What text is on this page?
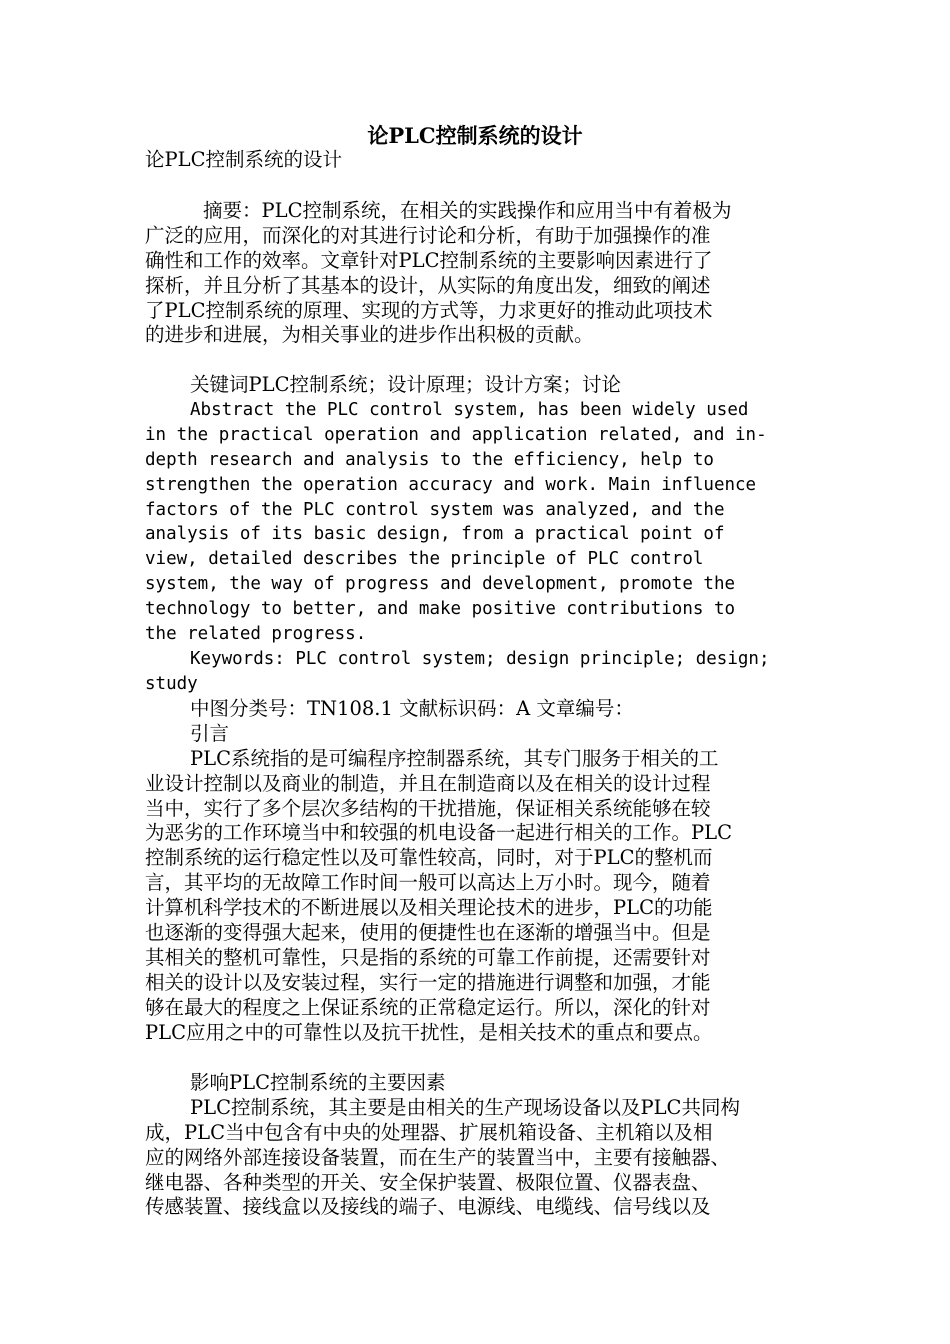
论PLC控制系统的设计
论PLC控制系统的设计
摘要：PLC控制系统，在相关的实践操作和应用当中有着极为
广泛的应用，而深化的对其进行讨论和分析，有助于加强操作的准
确性和工作的效率。文章针对PLC控制系统的主要影响因素进行了
探析，并且分析了其基本的设计，从实际的角度出发，细致的阐述
了PLC控制系统的原理、实现的方式等，力求更好的推动此项技术
的进步和进展，为相关事业的进步作出积极的贡献。
关键词PLC控制系统；设计原理；设计方案；讨论
Abstract the PLC control system, has been widely used
in the practical operation and application related, and in-
depth research and analysis to the efficiency, help to
strengthen the operation accuracy and work. Main influence
factors of the PLC control system was analyzed, and the
analysis of its basic design, from a practical point of
view, detailed describes the principle of PLC control
system, the way of progress and development, promote the
technology to better, and make positive contributions to
the related progress.
Keywords: PLC control system; design principle; design;
study
中图分类号：TN108.1 文献标识码：A 文章编号：
引言
PLC系统指的是可编程序控制器系统，其专门服务于相关的工
业设计控制以及商业的制造，并且在制造商以及在相关的设计过程
当中，实行了多个层次多结构的干扰措施，保证相关系统能够在较
为恶劣的工作环境当中和较强的机电设备一起进行相关的工作。PLC
控制系统的运行稳定性以及可靠性较高，同时，对于PLC的整机而
言，其平均的无故障工作时间一般可以高达上万小时。现今，随着
计算机科学技术的不断进展以及相关理论技术的进步，PLC的功能
也逐渐的变得强大起来，使用的便捷性也在逐渐的增强当中。但是
其相关的整机可靠性，只是指的系统的可靠工作前提，还需要针对
相关的设计以及安装过程，实行一定的措施进行调整和加强，才能
够在最大的程度之上保证系统的正常稳定运行。所以，深化的针对
PLC应用之中的可靠性以及抗干扰性，是相关技术的重点和要点。
影响PLC控制系统的主要因素
PLC控制系统，其主要是由相关的生产现场设备以及PLC共同构
成，PLC当中包含有中央的处理器、扩展机箱设备、主机箱以及相
应的网络外部连接设备装置，而在生产的装置当中，主要有接触器、
继电器、各种类型的开关、安全保护装置、极限位置、仪器表盘、
传感装置、接线盒以及接线的端子、电源线、电缆线、信号线以及
